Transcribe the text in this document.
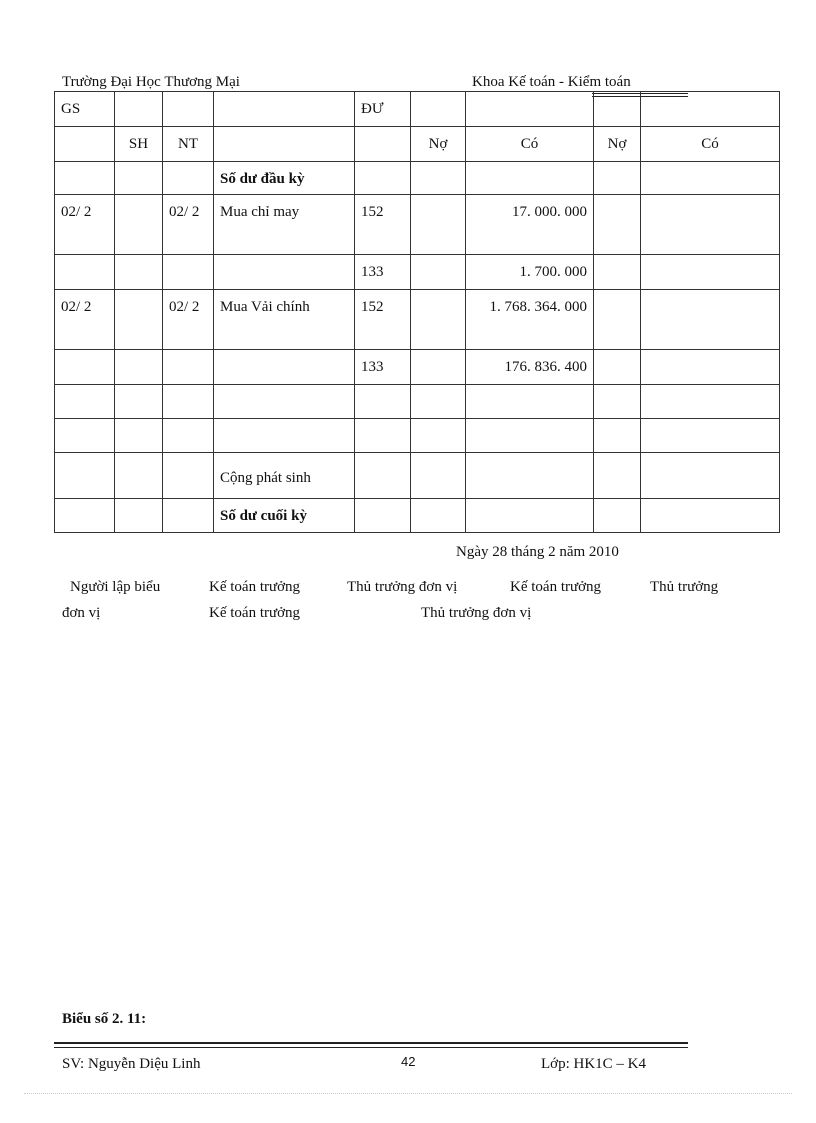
Trường Đại Học Thương Mại	Khoa Kế toán - Kiểm toán
GS				ĐƯ				
	SH	NT			Nợ	Có	Nợ	Có
			Số dư đầu kỳ					
02/ 2		02/ 2	Mua chỉ may	152		17. 000. 000		
				133		1. 700. 000		
02/ 2		02/ 2	Mua Vải chính	152		1. 768. 364. 000		
				133		176. 836. 400		

			Cộng phát sinh					
			Số dư cuối kỳ					
Ngày 28 tháng 2 năm 2010
Người lập biểu	Kế toán trưởng	Thủ trưởng đơn vị	Kế toán trưởng	Thủ trưởng
đơn vị	Kế toán trưởng	Thủ trưởng đơn vị
Biểu số 2. 11:
SV: Nguyễn Diệu Linh	42	Lớp: HK1C – K4
